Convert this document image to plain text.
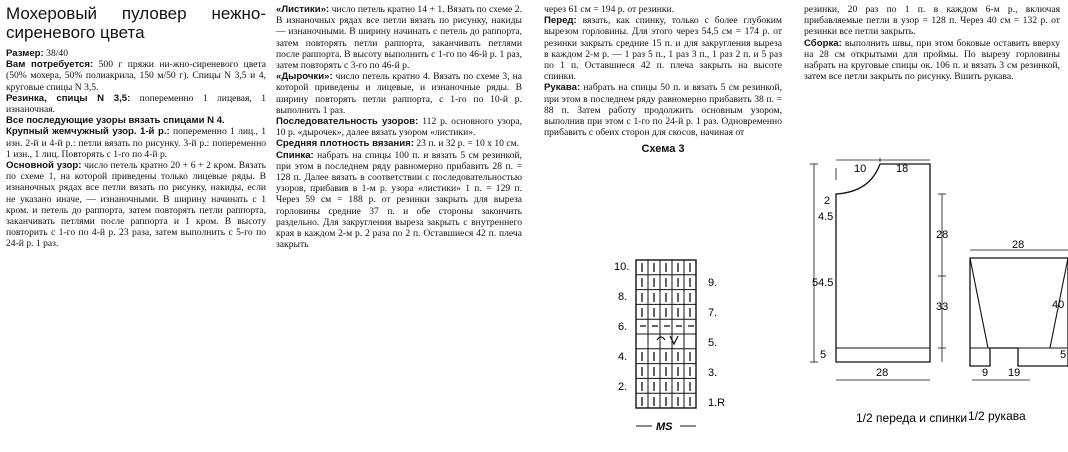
Мохеровый пуловер нежно-сиреневого цвета

Размер: 38/40

Вам потребуется: 500 г пряжи ни-жно-сиреневого цвета (50% мохера, 50% полиакрила, 150 м/50 г). Спицы N 3,5 и 4, круговые спицы N 3,5.

Резинка, спицы N 3,5: попеременно 1 лицевая, 1 изнаночная.

Все последующие узоры вязать спицами N 4.

Крупный жемчужный узор. 1-й р.: попеременно 1 лиц., 1 изн. 2-й и 4-й р.: петли вязать по рисунку. 3-й р.: попеременно 1 изн., 1 лиц. Повторять с 1-го по 4-й р.

Основной узор: число петель кратно 20 + 6 + 2 кром. Вязать по схеме 1, на которой приведены только лицевые ряды. В изнаночных рядах все петли вязать по рисунку, накиды, если не указано иначе, — изнаночными. В ширину начинать с 1 кром. и петель до раппорта, затем повторять петли раппорта, заканчивать петлями после раппорта и 1 кром. В высоту повторить с 1-го по 4-й р. 23 раза, затем выполнить с 5-го по 24-й р. 1 раз.

«Листики»: число петель кратно 14 + 1. Вязать по схеме 2. В изнаночных рядах все петли вязать по рисунку, накиды — изнаночными. В ширину начинать с петель до раппорта, затем повторять петли раппорта, заканчивать петлями после раппорта. В высоту выполнить с 1-го по 46-й р. 1 раз, затем повторять с 3-го по 46-й р.

«Дырочки»: число петель кратно 4. Вязать по схеме 3, на которой приведены и лицевые, и изнаночные ряды. В ширину повторять петли раппорта, с 1-го по 10-й р. выполнить 1 раз.

Последовательность узоров: 112 р. основного узора, 10 р. «дырочек», далее вязать узором «листики».

Средняя плотность вязания: 23 п. и 32 р. = 10 х 10 см.

Спинка: набрать на спицы 100 п. и вязать 5 см резинкой, при этом в последнем ряду равномерно прибавить 28 п. = 128 п. Далее вязать в соответствии с последовательностью узоров, прибавив в 1-м р. узора «листики» 1 п. = 129 п. Через 59 см = 188 р. от резинки закрыть для выреза горловины средние 37 п. и обе стороны закончить раздельно. Для закругления выреза закрыть с внутреннего края в каждом 2-м р. 2 раза по 2 п. Оставшиеся 42 п. плеча закрыть

через 61 см = 194 р. от резинки.

Перед: вязать, как спинку, только с более глубоким вырезом горловины. Для этого через 54,5 см = 174 р. от резинки закрыть средние 15 п. и для закругления выреза в каждом 2-м р. — 1 раз 5 п., 1 раз 3 п., 1 раз 2 п. и 5 раз по 1 п. Оставшиеся 42 п. плеча закрыть на высоте спинки.

Рукава: набрать на спицы 50 п. и вязать 5 см резинкой, при этом в последнем ряду равномерно прибавить 38 п. = 88 п. Затем работу продолжить основным узором, выполнив при этом с 1-го по 24-й р. 1 раз. Одновременно прибавить с обеих сторон для скосов, начиная от

Схема 3
10.
8.
6.
4.
2.
9.
7.
5.
3.
1.R
MS

резинки, 20 раз по 1 п. в каждом 6-м р., включая прибавляемые петли в узор = 128 п. Через 40 см = 132 р. от резинки все петли закрыть.

Сборка: выполнить швы, при этом боковые оставить вверху на 28 см открытыми для проймы. По вырезу горловины набрать на круговые спицы ок. 106 п. и вязать 3 см резинкой, затем все петли закрыть по рисунку. Вшить рукава.

10	18
2
4.5
28
54.5
33
5
28
1/2 переда и спинки
28
40
5
9 19
1/2 рукава
